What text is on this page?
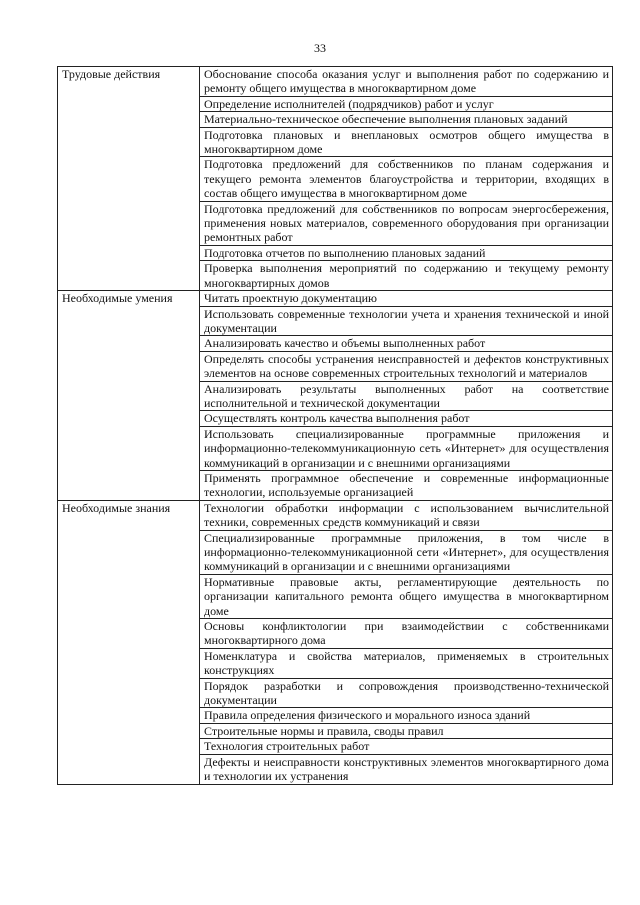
33
Трудовые действия	Обоснование способа оказания услуг и выполнения работ по содержанию и ремонту общего имущества в многоквартирном доме
	Определение исполнителей (подрядчиков) работ и услуг
	Материально-техническое обеспечение выполнения плановых заданий
	Подготовка плановых и внеплановых осмотров общего имущества в многоквартирном доме
	Подготовка предложений для собственников по планам содержания и текущего ремонта элементов благоустройства и территории, входящих в состав общего имущества в многоквартирном доме
	Подготовка предложений для собственников по вопросам энергосбережения, применения новых материалов, современного оборудования при организации ремонтных работ
	Подготовка отчетов по выполнению плановых заданий
	Проверка выполнения мероприятий по содержанию и текущему ремонту многоквартирных домов
Необходимые умения	Читать проектную документацию
	Использовать современные технологии учета и хранения технической и иной документации
	Анализировать качество и объемы выполненных работ
	Определять способы устранения неисправностей и дефектов конструктивных элементов на основе современных строительных технологий и материалов
	Анализировать результаты выполненных работ на соответствие исполнительной и технической документации
	Осуществлять контроль качества выполнения работ
	Использовать специализированные программные приложения и информационно-телекоммуникационную сеть «Интернет» для осуществления коммуникаций в организации и с внешними организациями
	Применять программное обеспечение и современные информационные технологии, используемые организацией
Необходимые знания	Технологии обработки информации с использованием вычислительной техники, современных средств коммуникаций и связи
	Специализированные программные приложения, в том числе в информационно-телекоммуникационной сети «Интернет», для осуществления коммуникаций в организации и с внешними организациями
	Нормативные правовые акты, регламентирующие деятельность по организации капитального ремонта общего имущества в многоквартирном доме
	Основы конфликтологии при взаимодействии с собственниками многоквартирного дома
	Номенклатура и свойства материалов, применяемых в строительных конструкциях
	Порядок разработки и сопровождения производственно-технической документации
	Правила определения физического и морального износа зданий
	Строительные нормы и правила, своды правил
	Технология строительных работ
	Дефекты и неисправности конструктивных элементов многоквартирного дома и технологии их устранения
